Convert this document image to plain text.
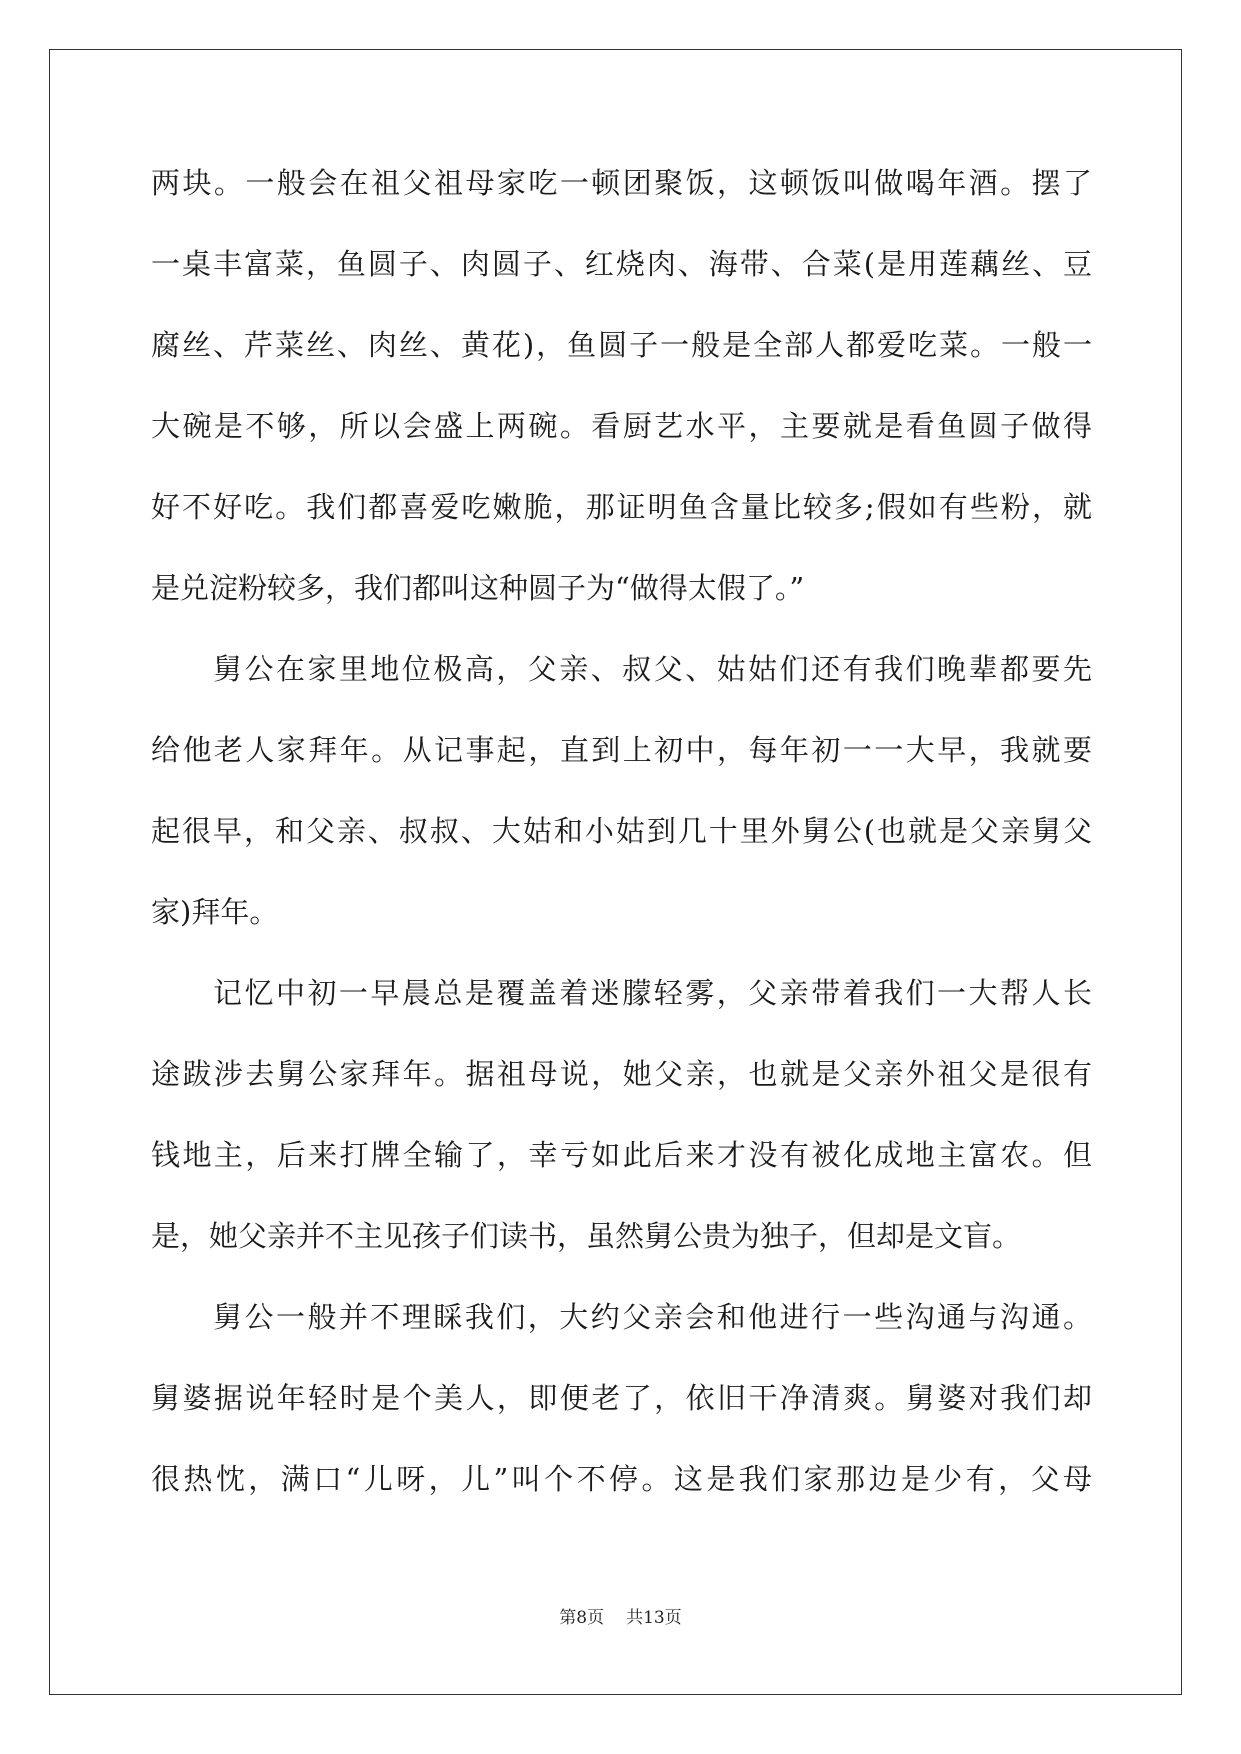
两块。一般会在祖父祖母家吃一顿团聚饭，这顿饭叫做喝年酒。摆了
一桌丰富菜，鱼圆子、肉圆子、红烧肉、海带、合菜(是用莲藕丝、豆
腐丝、芹菜丝、肉丝、黄花)，鱼圆子一般是全部人都爱吃菜。一般一
大碗是不够，所以会盛上两碗。看厨艺水平，主要就是看鱼圆子做得
好不好吃。我们都喜爱吃嫩脆，那证明鱼含量比较多;假如有些粉，就
是兑淀粉较多，我们都叫这种圆子为“做得太假了。”
舅公在家里地位极高，父亲、叔父、姑姑们还有我们晚辈都要先
给他老人家拜年。从记事起，直到上初中，每年初一一大早，我就要
起很早，和父亲、叔叔、大姑和小姑到几十里外舅公(也就是父亲舅父
家)拜年。
记忆中初一早晨总是覆盖着迷朦轻雾，父亲带着我们一大帮人长
途跋涉去舅公家拜年。据祖母说，她父亲，也就是父亲外祖父是很有
钱地主，后来打牌全输了，幸亏如此后来才没有被化成地主富农。但
是，她父亲并不主见孩子们读书，虽然舅公贵为独子，但却是文盲。
舅公一般并不理睬我们，大约父亲会和他进行一些沟通与沟通。
舅婆据说年轻时是个美人，即便老了，依旧干净清爽。舅婆对我们却
很热忱，满口“儿呀，儿”叫个不停。这是我们家那边是少有，父母
第8页 共13页
